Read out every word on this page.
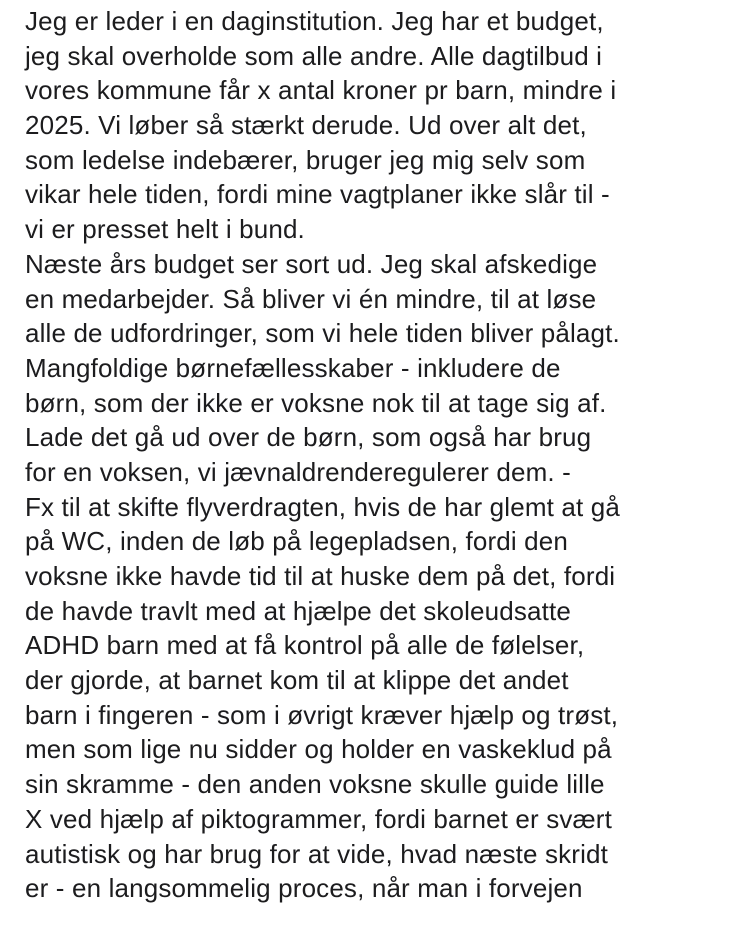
Jeg er leder i en daginstitution. Jeg har et budget,
jeg skal overholde som alle andre. Alle dagtilbud i
vores kommune får x antal kroner pr barn, mindre i
2025. Vi løber så stærkt derude. Ud over alt det,
som ledelse indebærer, bruger jeg mig selv som
vikar hele tiden, fordi mine vagtplaner ikke slår til -
vi er presset helt i bund.
Næste års budget ser sort ud. Jeg skal afskedige
en medarbejder. Så bliver vi én mindre, til at løse
alle de udfordringer, som vi hele tiden bliver pålagt.
Mangfoldige børnefællesskaber - inkludere de
børn, som der ikke er voksne nok til at tage sig af.
Lade det gå ud over de børn, som også har brug
for en voksen, vi jævnaldrenderegulerer dem. -
Fx til at skifte flyverdragten, hvis de har glemt at gå
på WC, inden de løb på legepladsen, fordi den
voksne ikke havde tid til at huske dem på det, fordi
de havde travlt med at hjælpe det skoleudsatte
ADHD barn med at få kontrol på alle de følelser,
der gjorde, at barnet kom til at klippe det andet
barn i fingeren - som i øvrigt kræver hjælp og trøst,
men som lige nu sidder og holder en vaskeklud på
sin skramme - den anden voksne skulle guide lille
X ved hjælp af piktogrammer, fordi barnet er svært
autistisk og har brug for at vide, hvad næste skridt
er - en langsommelig proces, når man i forvejen
